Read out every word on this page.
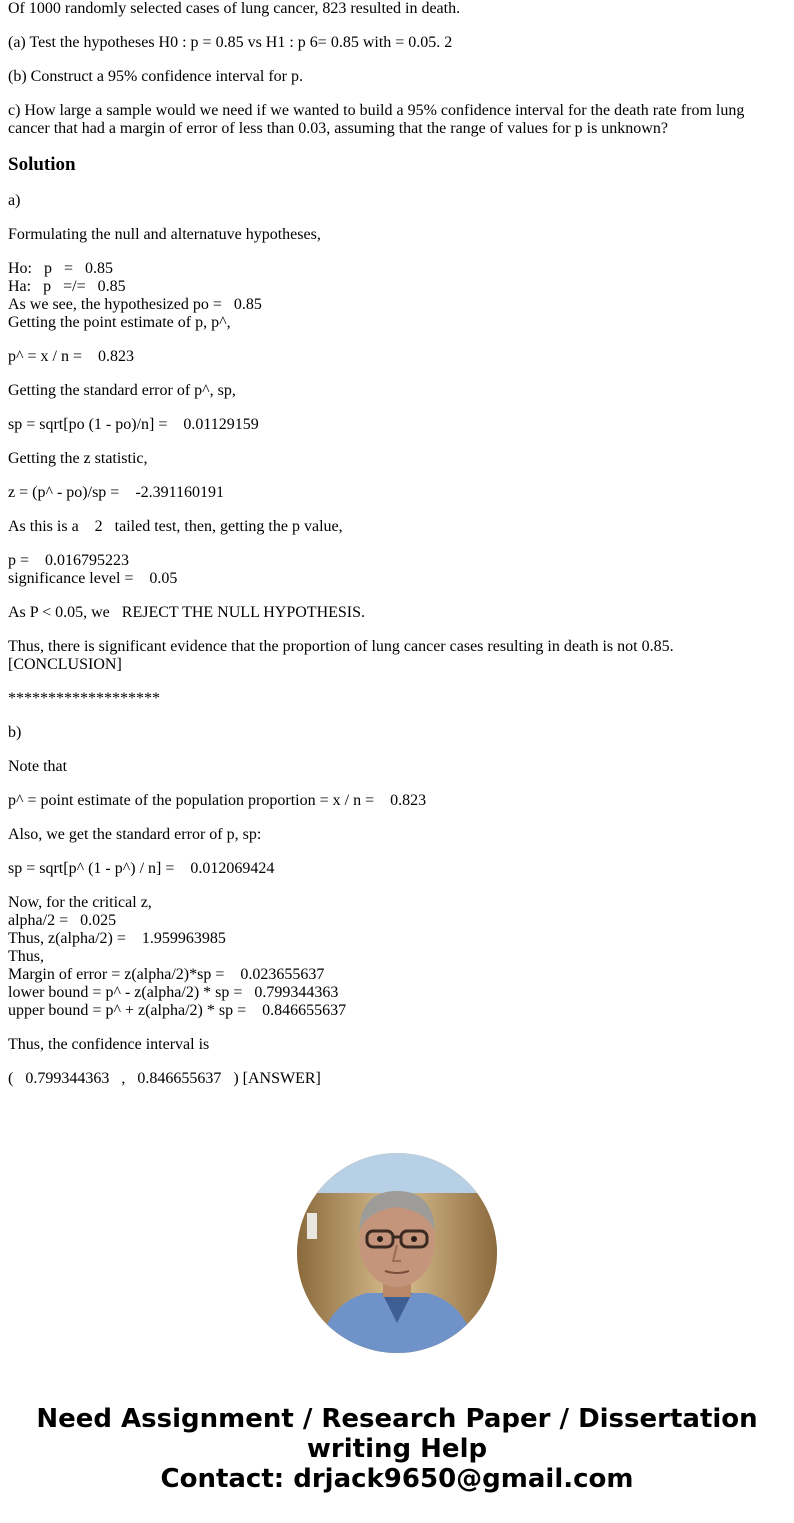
Of 1000 randomly selected cases of lung cancer, 823 resulted in death.

(a) Test the hypotheses H0 : p = 0.85 vs H1 : p 6= 0.85 with = 0.05. 2

(b) Construct a 95% confidence interval for p.

c) How large a sample would we need if we wanted to build a 95% confidence interval for the death rate from lung cancer that had a margin of error of less than 0.03, assuming that the range of values for p is unknown?

Solution

a)

Formulating the null and alternatuve hypotheses,

Ho:   p   =   0.85
Ha:   p   =/=   0.85
As we see, the hypothesized po =   0.85
Getting the point estimate of p, p^,

p^ = x / n =    0.823

Getting the standard error of p^, sp,

sp = sqrt[po (1 - po)/n] =    0.01129159

Getting the z statistic,

z = (p^ - po)/sp =    -2.391160191

As this is a    2   tailed test, then, getting the p value,

p =    0.016795223
significance level =    0.05

As P < 0.05, we   REJECT THE NULL HYPOTHESIS.

Thus, there is significant evidence that the proportion of lung cancer cases resulting in death is not 0.85. [CONCLUSION]

*******************

b)

Note that

p^ = point estimate of the population proportion = x / n =    0.823

Also, we get the standard error of p, sp:

sp = sqrt[p^ (1 - p^) / n] =    0.012069424

Now, for the critical z,
alpha/2 =   0.025
Thus, z(alpha/2) =    1.959963985
Thus,
Margin of error = z(alpha/2)*sp =    0.023655637
lower bound = p^ - z(alpha/2) * sp =   0.799344363
upper bound = p^ + z(alpha/2) * sp =    0.846655637

Thus, the confidence interval is

(   0.799344363   ,   0.846655637   ) [ANSWER]

Need Assignment / Research Paper / Dissertation
writing Help
Contact: drjack9650@gmail.com
